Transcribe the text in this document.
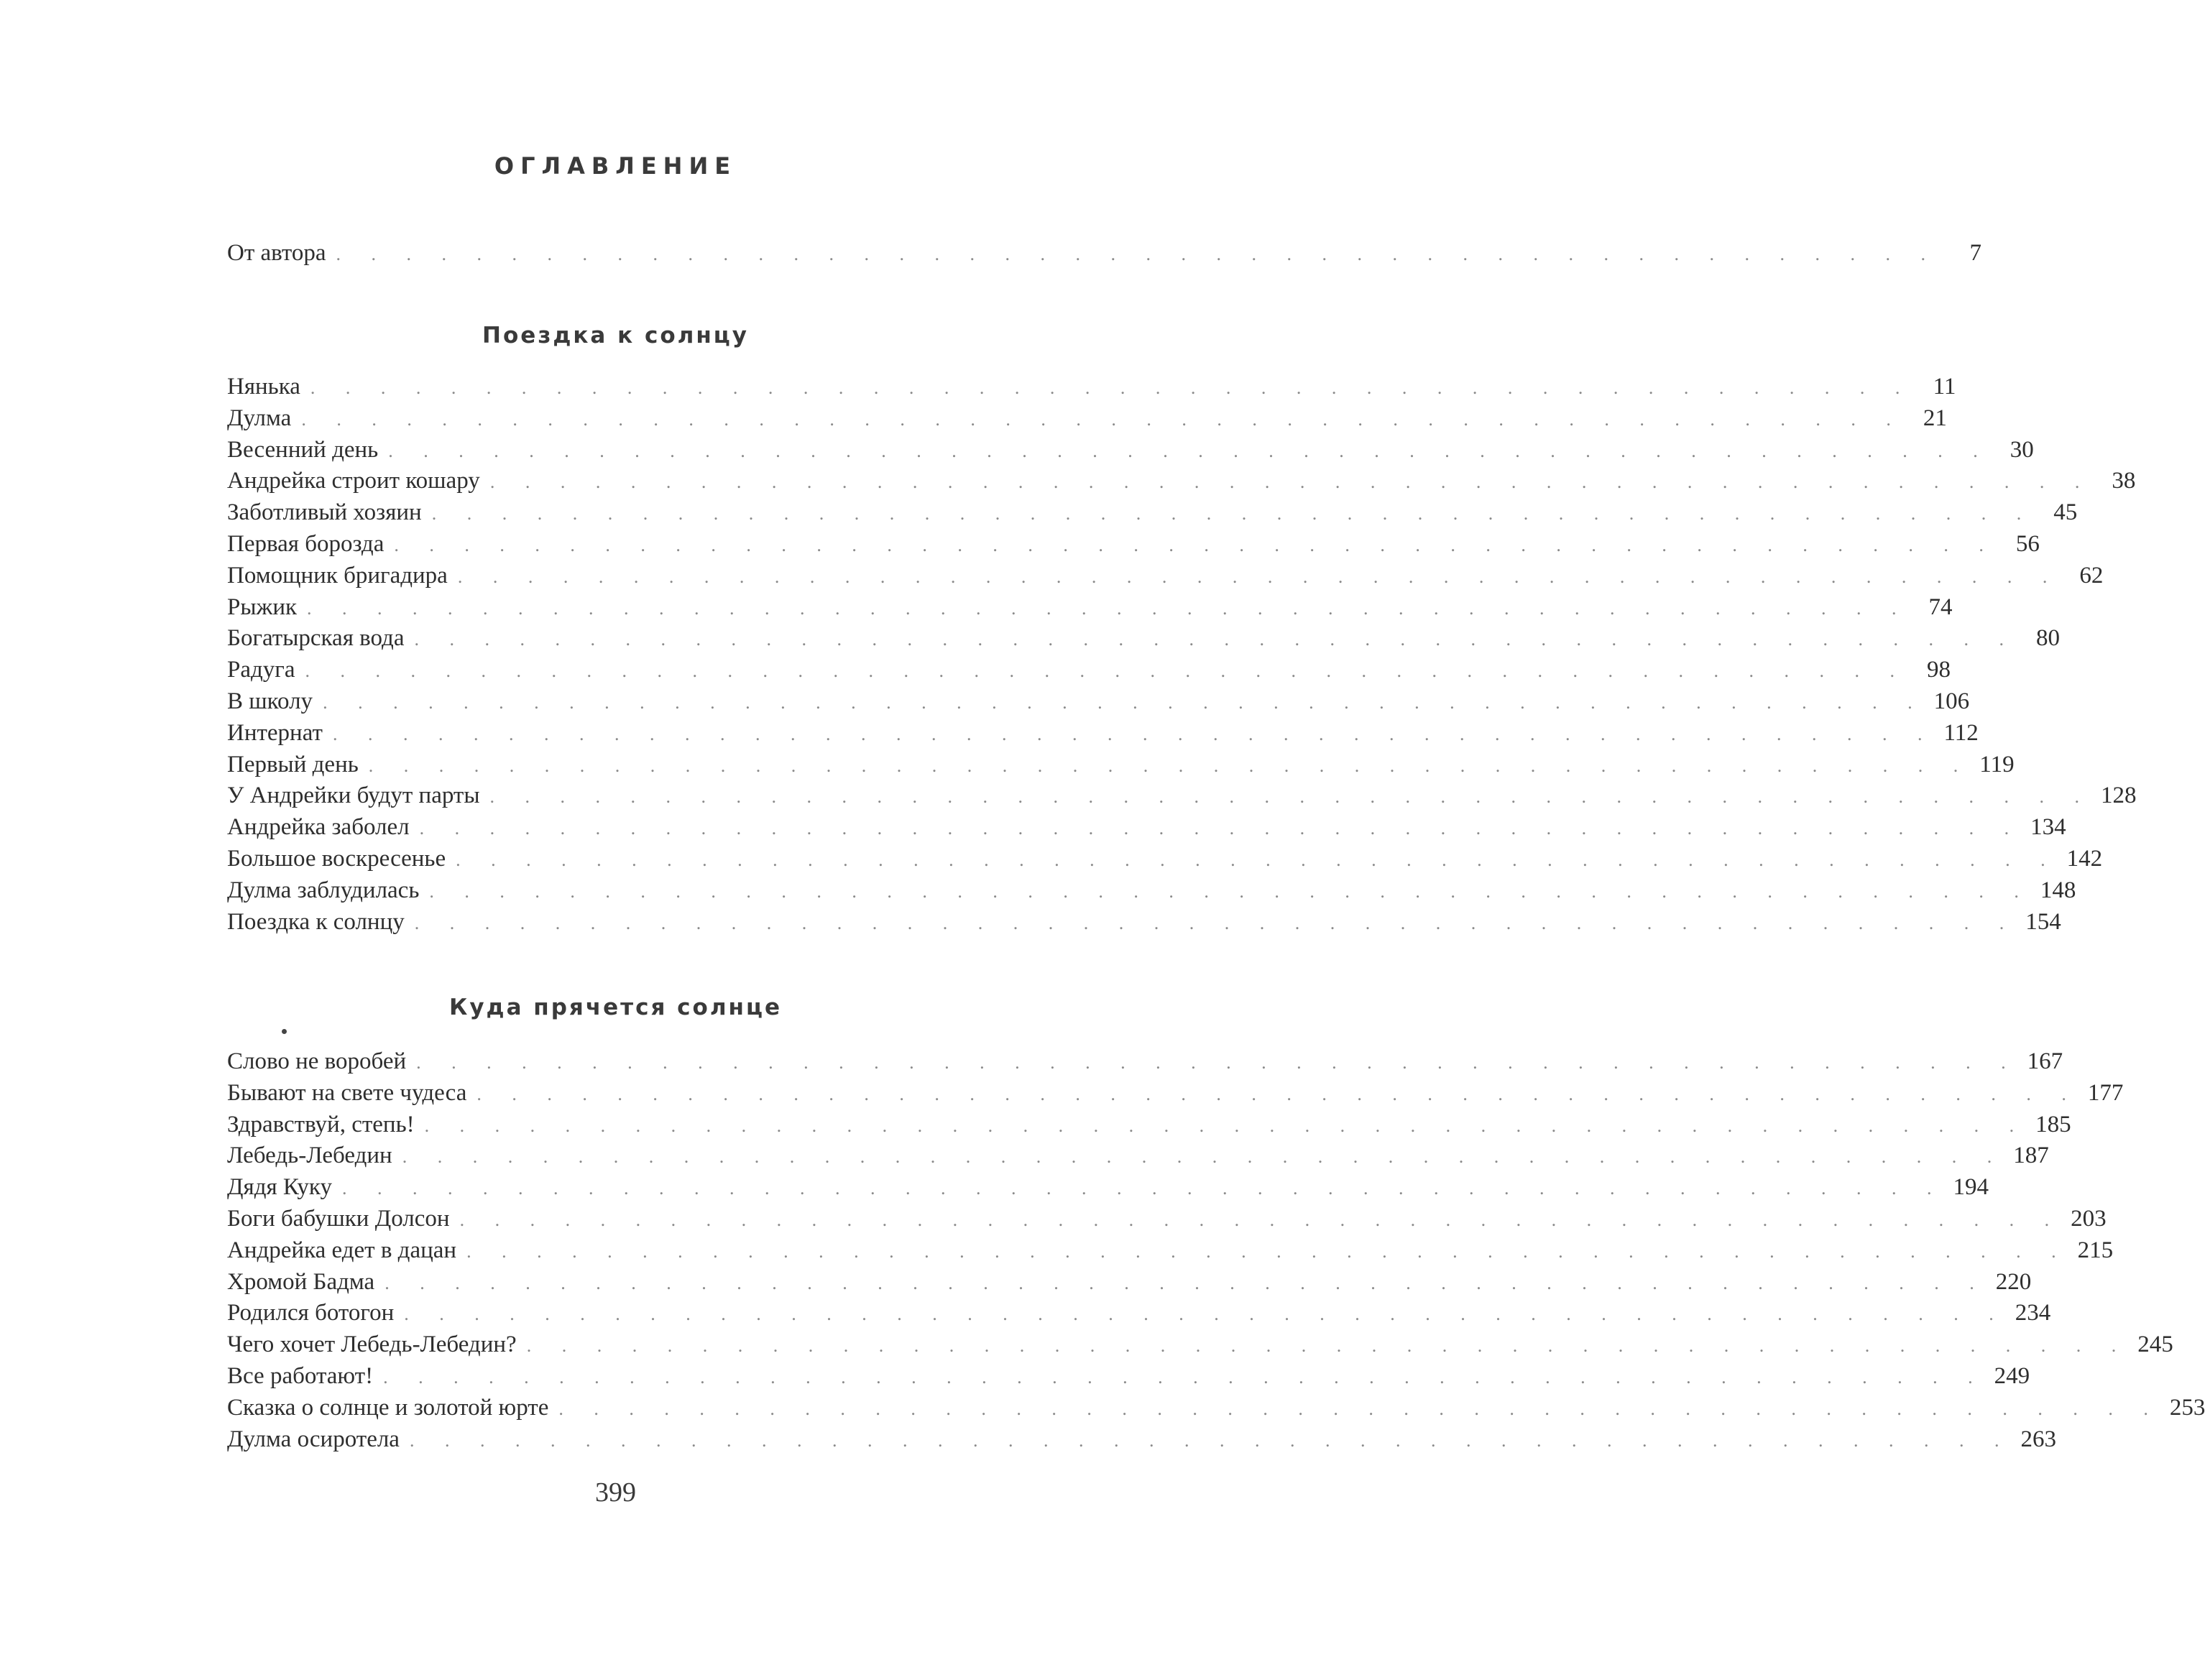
ОГЛАВЛЕНИЕ
От автора . . . . . . . . . . . . . . . . . . . . . . . . . . . . . . . . . . . . . . . . . . . . . .	7
Поездка к солнцу
Нянька . . . . . . . . . . . . . . . . . . . . . . . . . . . . . . . . . . . . . . . . . . . . . . 11
Дулма . . . . . . . . . . . . . . . . . . . . . . . . . . . . . . . . . . . . . . . . . . . . . . 21
Весенний день . . . . . . . . . . . . . . . . . . . . . . . . . . . . . . . . . . . . . . . . . . . . . . 30
Андрейка строит кошару . . . . . . . . . . . . . . . . . . . . . . . . . . . . . . . . . . . . . . . . . . . . . . 38
Заботливый хозяин . . . . . . . . . . . . . . . . . . . . . . . . . . . . . . . . . . . . . . . . . . . . . . 45
Первая борозда . . . . . . . . . . . . . . . . . . . . . . . . . . . . . . . . . . . . . . . . . . . . . . 56
Помощник бригадира . . . . . . . . . . . . . . . . . . . . . . . . . . . . . . . . . . . . . . . . . . . . . . 62
Рыжик . . . . . . . . . . . . . . . . . . . . . . . . . . . . . . . . . . . . . . . . . . . . . . 74
Богатырская вода . . . . . . . . . . . . . . . . . . . . . . . . . . . . . . . . . . . . . . . . . . . . . . 80
Радуга . . . . . . . . . . . . . . . . . . . . . . . . . . . . . . . . . . . . . . . . . . . . . . 98
В школу . . . . . . . . . . . . . . . . . . . . . . . . . . . . . . . . . . . . . . . . . . . . . . 106
Интернат . . . . . . . . . . . . . . . . . . . . . . . . . . . . . . . . . . . . . . . . . . . . . . 112
Первый день . . . . . . . . . . . . . . . . . . . . . . . . . . . . . . . . . . . . . . . . . . . . . . 119
У Андрейки будут парты . . . . . . . . . . . . . . . . . . . . . . . . . . . . . . . . . . . . . . . . . . . . . . 128
Андрейка заболел . . . . . . . . . . . . . . . . . . . . . . . . . . . . . . . . . . . . . . . . . . . . . . 134
Большое воскресенье . . . . . . . . . . . . . . . . . . . . . . . . . . . . . . . . . . . . . . . . . . . . . . 142
Дулма заблудилась . . . . . . . . . . . . . . . . . . . . . . . . . . . . . . . . . . . . . . . . . . . . . . 148
Поездка к солнцу . . . . . . . . . . . . . . . . . . . . . . . . . . . . . . . . . . . . . . . . . . . . . . 154
Куда прячется солнце
Слово не воробей . . . . . . . . . . . . . . . . . . . . . . . . . . . . . . . . . . . . . . . . . . . . . . 167
Бывают на свете чудеса . . . . . . . . . . . . . . . . . . . . . . . . . . . . . . . . . . . . . . . . . . . . . . 177
Здравствуй, степь! . . . . . . . . . . . . . . . . . . . . . . . . . . . . . . . . . . . . . . . . . . . . . . 185
Лебедь-Лебедин . . . . . . . . . . . . . . . . . . . . . . . . . . . . . . . . . . . . . . . . . . . . . . 187
Дядя Куку . . . . . . . . . . . . . . . . . . . . . . . . . . . . . . . . . . . . . . . . . . . . . . 194
Боги бабушки Долсон . . . . . . . . . . . . . . . . . . . . . . . . . . . . . . . . . . . . . . . . . . . . . . 203
Андрейка едет в дацан . . . . . . . . . . . . . . . . . . . . . . . . . . . . . . . . . . . . . . . . . . . . . . 215
Хромой Бадма . . . . . . . . . . . . . . . . . . . . . . . . . . . . . . . . . . . . . . . . . . . . . . 220
Родился ботогон . . . . . . . . . . . . . . . . . . . . . . . . . . . . . . . . . . . . . . . . . . . . . . 234
Чего хочет Лебедь-Лебедин? . . . . . . . . . . . . . . . . . . . . . . . . . . . . . . . . . . . . . . . . . . . . . . 245
Все работают! . . . . . . . . . . . . . . . . . . . . . . . . . . . . . . . . . . . . . . . . . . . . . . 249
Сказка о солнце и золотой юрте . . . . . . . . . . . . . . . . . . . . . . . . . . . . . . . . . . . . . . . . . . . . . . 253
Дулма осиротела . . . . . . . . . . . . . . . . . . . . . . . . . . . . . . . . . . . . . . . . . . . . . . 263
399
